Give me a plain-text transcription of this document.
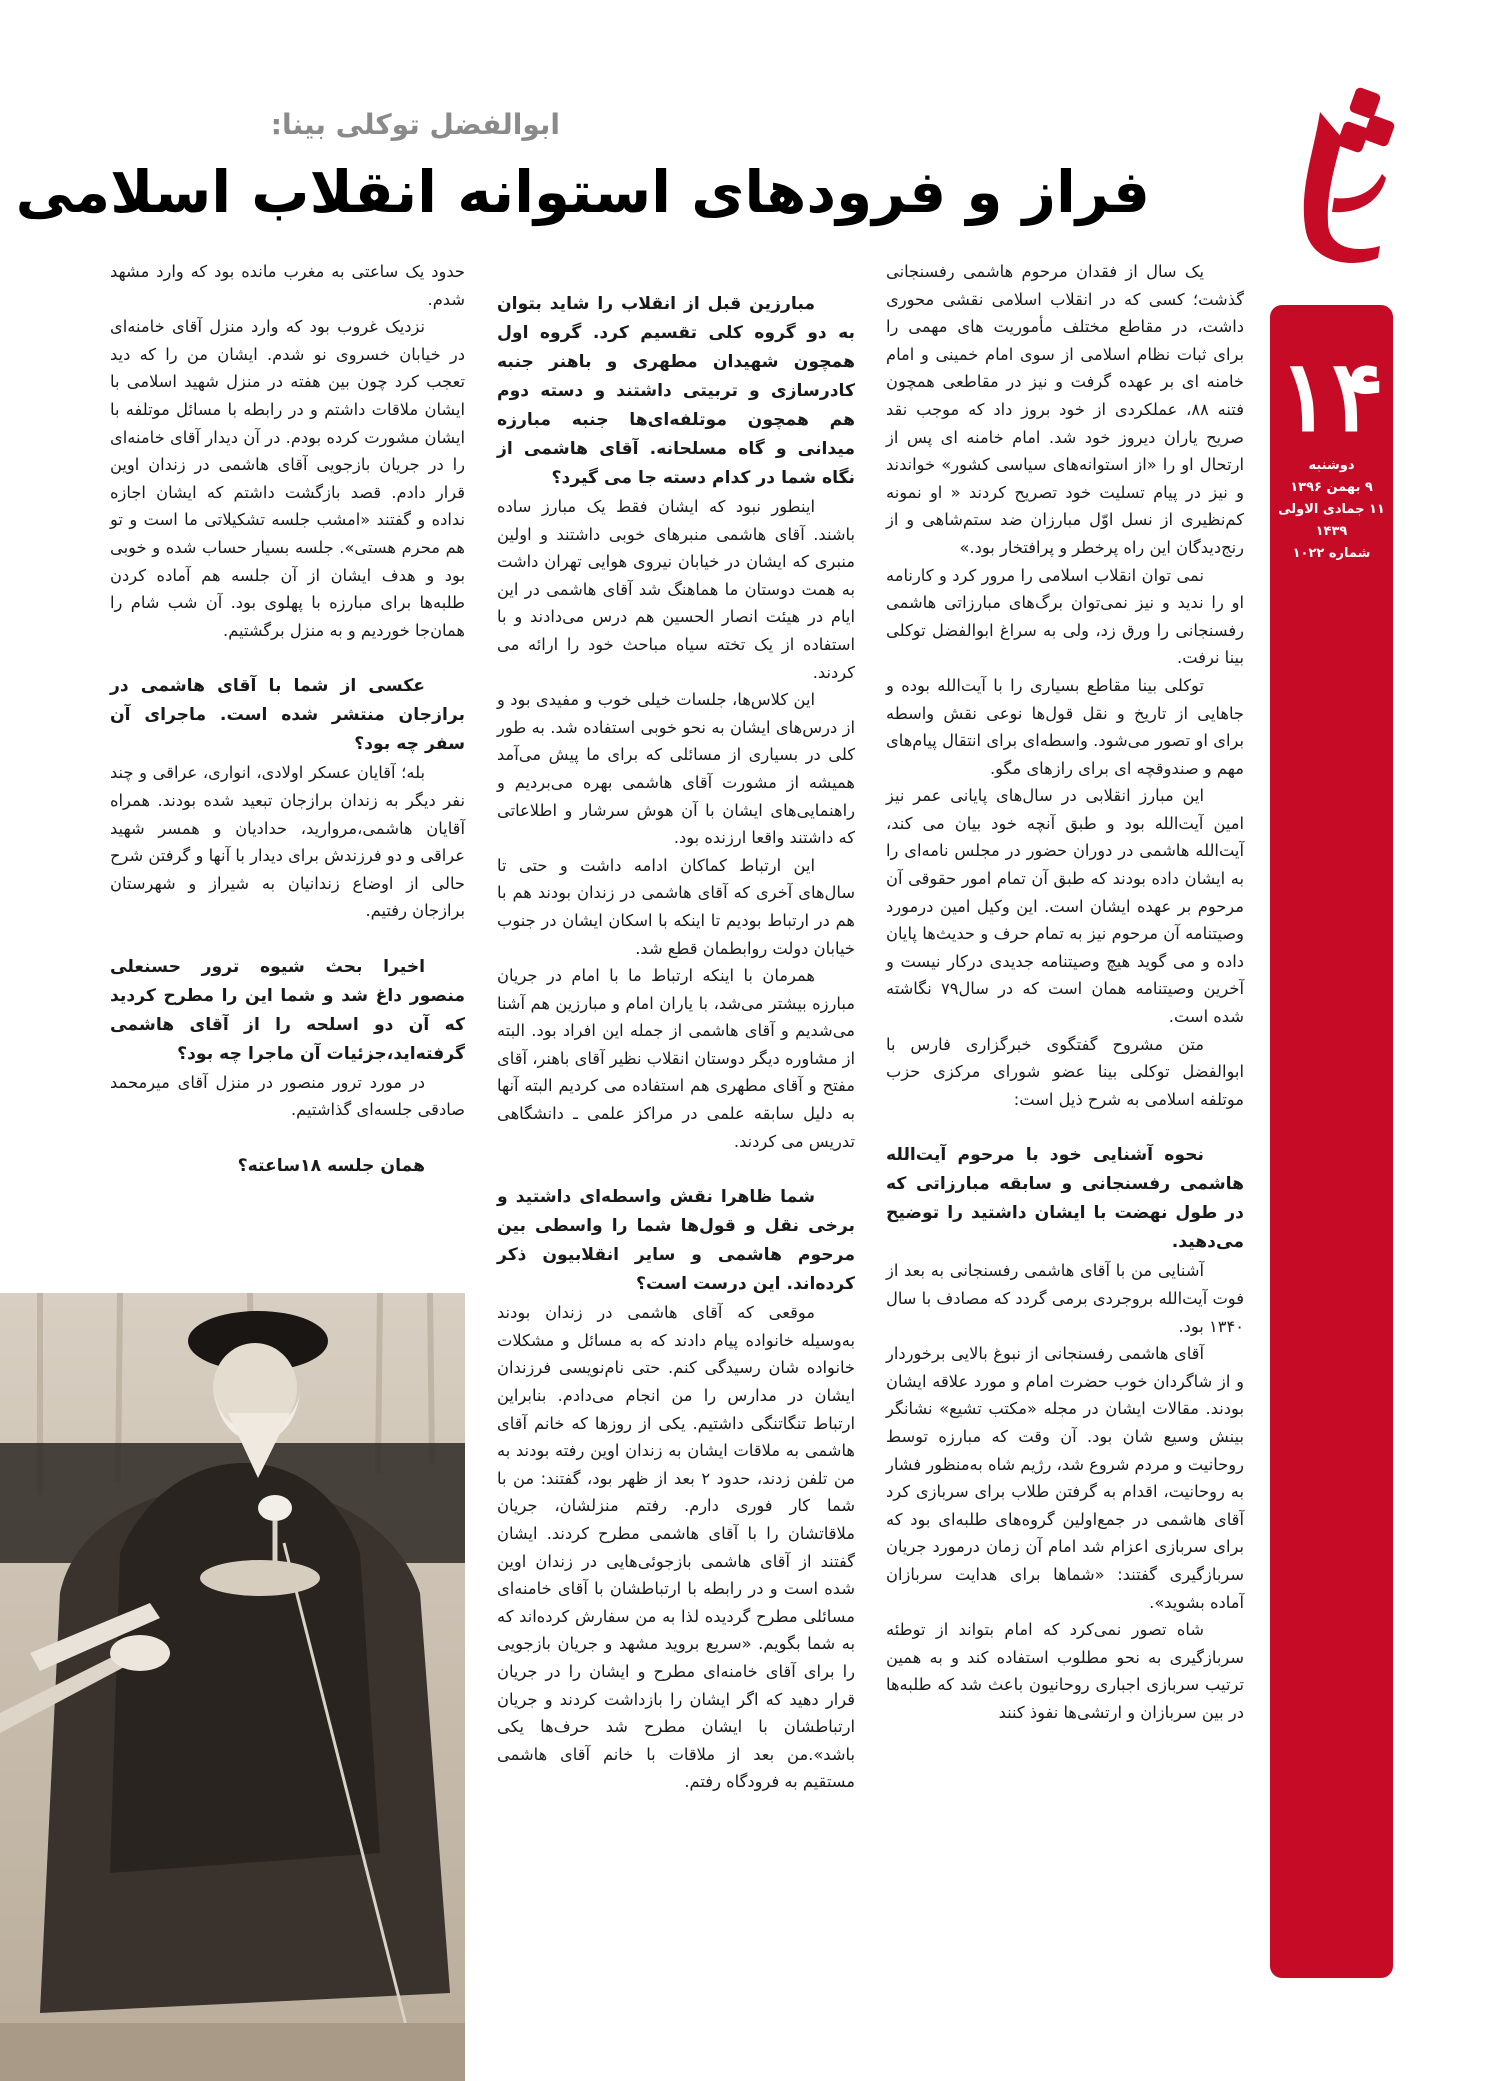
۱۴
دوشنبه
۹ بهمن ۱۳۹۶
۱۱ جمادی الاولی ۱۴۳۹
شماره ۱۰۲۲
ابوالفضل توکلی بینا:
فراز و فرودهای استوانه انقلاب اسلامی

یک سال از فقدان مرحوم هاشمی رفسنجانی گذشت؛ کسی که در انقلاب اسلامی نقشی محوری داشت، در مقاطع مختلف مأموریت های مهمی را برای ثبات نظام اسلامی از سوی امام خمینی و امام خامنه ای بر عهده گرفت و نیز در مقاطعی همچون فتنه ۸۸، عملکردی از خود بروز داد که موجب نقد صریح یاران دیروز خود شد. امام خامنه ای پس از ارتحال او را «از استوانه‌های سیاسی کشور» خواندند و نیز در پیام تسلیت خود تصریح کردند « او نمونه کم‌نظیری از نسل اوّل مبارزان ضد ستم‌شاهی و از رنج‌دیدگان این راه پرخطر و پرافتخار بود.»

نمی توان انقلاب اسلامی را مرور کرد و کارنامه او را ندید و نیز نمی‌توان برگ‌های مبارزاتی هاشمی رفسنجانی را ورق زد، ولی به سراغ ابوالفضل توکلی بینا نرفت.

توکلی بینا مقاطع بسیاری را با آیت‌الله بوده و جاهایی از تاریخ و نقل قول‌ها نوعی نقش واسطه برای او تصور می‌شود. واسطه‌ای برای انتقال پیام‌های مهم و صندوقچه ای برای رازهای مگو.

این مبارز انقلابی در سال‌های پایانی عمر نیز امین آیت‌الله بود و طبق آنچه خود بیان می کند، آیت‌الله هاشمی در دوران حضور در مجلس نامه‌ای را به ایشان داده بودند که طبق آن تمام امور حقوقی آن مرحوم بر عهده ایشان است. این وکیل امین درمورد وصیتنامه آن مرحوم نیز به تمام حرف و حدیث‌ها پایان داده و می گوید هیچ وصیتنامه جدیدی درکار نیست و آخرین وصیتنامه همان است که در سال۷۹ نگاشته شده است.

متن مشروح گفتگوی خبرگزاری فارس با ابوالفضل توکلی بینا عضو شورای مرکزی حزب موتلفه اسلامی به شرح ذیل است:

نحوه آشنایی خود با مرحوم آیت‌الله هاشمی رفسنجانی و سابقه مبارزاتی که در طول نهضت با ایشان داشتید را توضیح می‌دهید.

آشنایی من با آقای هاشمی رفسنجانی به بعد از فوت آیت‌الله بروجردی برمی گردد که مصادف با سال ۱۳۴۰ بود.

آقای هاشمی رفسنجانی از نبوغ بالایی برخوردار و از شاگردان خوب حضرت امام و مورد علاقه ایشان بودند. مقالات ایشان در مجله «مکتب تشیع» نشانگر بینش وسیع شان بود. آن وقت که مبارزه توسط روحانیت و مردم شروع شد، رژیم شاه به‌منظور فشار به روحانیت، اقدام به گرفتن طلاب برای سربازی کرد آقای هاشمی در جمع‌اولین گروه‌های طلبه‌ای بود که برای سربازی اعزام شد امام آن زمان درمورد جریان سربازگیری گفتند: «شماها برای هدایت سربازان آماده بشوید».

شاه تصور نمی‌کرد که امام بتواند از توطئه سربازگیری به نحو مطلوب استفاده کند و به همین ترتیب سربازی اجباری روحانیون باعث شد که طلبه‌ها در بین سربازان و ارتشی‌ها نفوذ کنند

مبارزین قبل از انقلاب را شاید بتوان به دو گروه کلی تقسیم کرد. گروه اول همچون شهیدان مطهری و باهنر جنبه کادرسازی و تربیتی داشتند و دسته دوم هم همچون موتلفه‌ای‌ها جنبه مبارزه میدانی و گاه مسلحانه. آقای هاشمی از نگاه شما در کدام دسته جا می گیرد؟

اینطور نبود که ایشان فقط یک مبارز ساده باشند. آقای هاشمی منبرهای خوبی داشتند و اولین منبری که ایشان در خیابان نیروی هوایی تهران داشت به همت دوستان ما هماهنگ شد آقای هاشمی در این ایام در هیئت انصار الحسین هم درس می‌دادند و با استفاده از یک تخته سیاه مباحث خود را ارائه می کردند.

این کلاس‌ها، جلسات خیلی خوب و مفیدی بود و از درس‌های ایشان به نحو خوبی استفاده شد. به طور کلی در بسیاری از مسائلی که برای ما پیش می‌آمد همیشه از مشورت آقای هاشمی بهره می‌بردیم و راهنمایی‌های ایشان با آن هوش سرشار و اطلاعاتی که داشتند واقعا ارزنده بود.

این ارتباط کماکان ادامه داشت و حتی تا سال‌های آخری که آقای هاشمی در زندان بودند هم با هم در ارتباط بودیم تا اینکه با اسکان ایشان در جنوب خیابان دولت روابطمان قطع شد.

همرمان با اینکه ارتباط ما با امام در جریان مبارزه بیشتر می‌شد، با یاران امام و مبارزین هم آشنا می‌شدیم و آقای هاشمی از جمله این افراد بود. البته از مشاوره دیگر دوستان انقلاب نظیر آقای باهنر، آقای مفتح و آقای مطهری هم استفاده می کردیم البته آنها به دلیل سابقه علمی در مراکز علمی ـ دانشگاهی تدریس می کردند.

شما ظاهرا نقش واسطه‌ای داشتید و برخی نقل و قول‌ها شما را واسطی بین مرحوم هاشمی و سایر انقلابیون ذکر کرده‌اند. این درست است؟

موقعی که آقای هاشمی در زندان بودند به‌وسیله خانواده پیام دادند که به مسائل و مشکلات خانواده شان رسیدگی کنم. حتی نام‌نویسی فرزندان ایشان در مدارس را من انجام می‌دادم. بنابراین ارتباط تنگاتنگی داشتیم. یکی از روزها که خانم آقای هاشمی به ملاقات ایشان به زندان اوین رفته بودند به من تلفن زدند، حدود ۲ بعد از ظهر بود، گفتند: من با شما کار فوری دارم. رفتم منزلشان، جریان ملاقاتشان را با آقای هاشمی مطرح کردند. ایشان گفتند از آقای هاشمی بازجوئی‌هایی در زندان اوین شده است و در رابطه با ارتباطشان با آقای خامنه‌ای مسائلی مطرح گردیده لذا به من سفارش کرده‌اند که به شما بگویم. «سریع بروید مشهد و جریان بازجویی را برای آقای خامنه‌ای مطرح و ایشان را در جریان قرار دهید که اگر ایشان را بازداشت کردند و جریان ارتباطشان با ایشان مطرح شد حرف‌ها یکی باشد».من بعد از ملاقات با خانم آقای هاشمی مستقیم به فرودگاه رفتم.

حدود یک ساعتی به مغرب مانده بود که وارد مشهد شدم.

نزدیک غروب بود که وارد منزل آقای خامنه‌ای در خیابان خسروی نو شدم. ایشان من را که دید تعجب کرد چون بین هفته در منزل شهید اسلامی با ایشان ملاقات داشتم و در رابطه با مسائل موتلفه با ایشان مشورت کرده بودم. در آن دیدار آقای خامنه‌ای را در جریان بازجویی آقای هاشمی در زندان اوین قرار دادم. قصد بازگشت داشتم که ایشان اجازه نداده و گفتند «امشب جلسه تشکیلاتی ما است و تو هم محرم هستی». جلسه بسیار حساب شده و خوبی بود و هدف ایشان از آن جلسه هم آماده کردن طلبه‌ها برای مبارزه با پهلوی بود. آن شب شام را همان‌جا خوردیم و به منزل برگشتیم.

عکسی از شما با آقای هاشمی در برازجان منتشر شده است. ماجرای آن سفر چه بود؟

بله؛ آقایان عسکر اولادی، انواری، عراقی و چند نفر دیگر به زندان برازجان تبعید شده بودند. همراه آقایان هاشمی،مروارید، حدادیان و همسر شهید عراقی و دو فرزندش برای دیدار با آنها و گرفتن شرح حالی از اوضاع زندانیان به شیراز و شهرستان برازجان رفتیم.

اخیرا بحث شیوه ترور حسنعلی منصور داغ شد و شما این را مطرح کردید که آن دو اسلحه را از آقای هاشمی گرفته‌اید،جزئیات آن ماجرا چه بود؟

در مورد ترور منصور در منزل آقای میرمحمد صادقی جلسه‌ای گذاشتیم.

همان جلسه ۱۸ساعته؟
